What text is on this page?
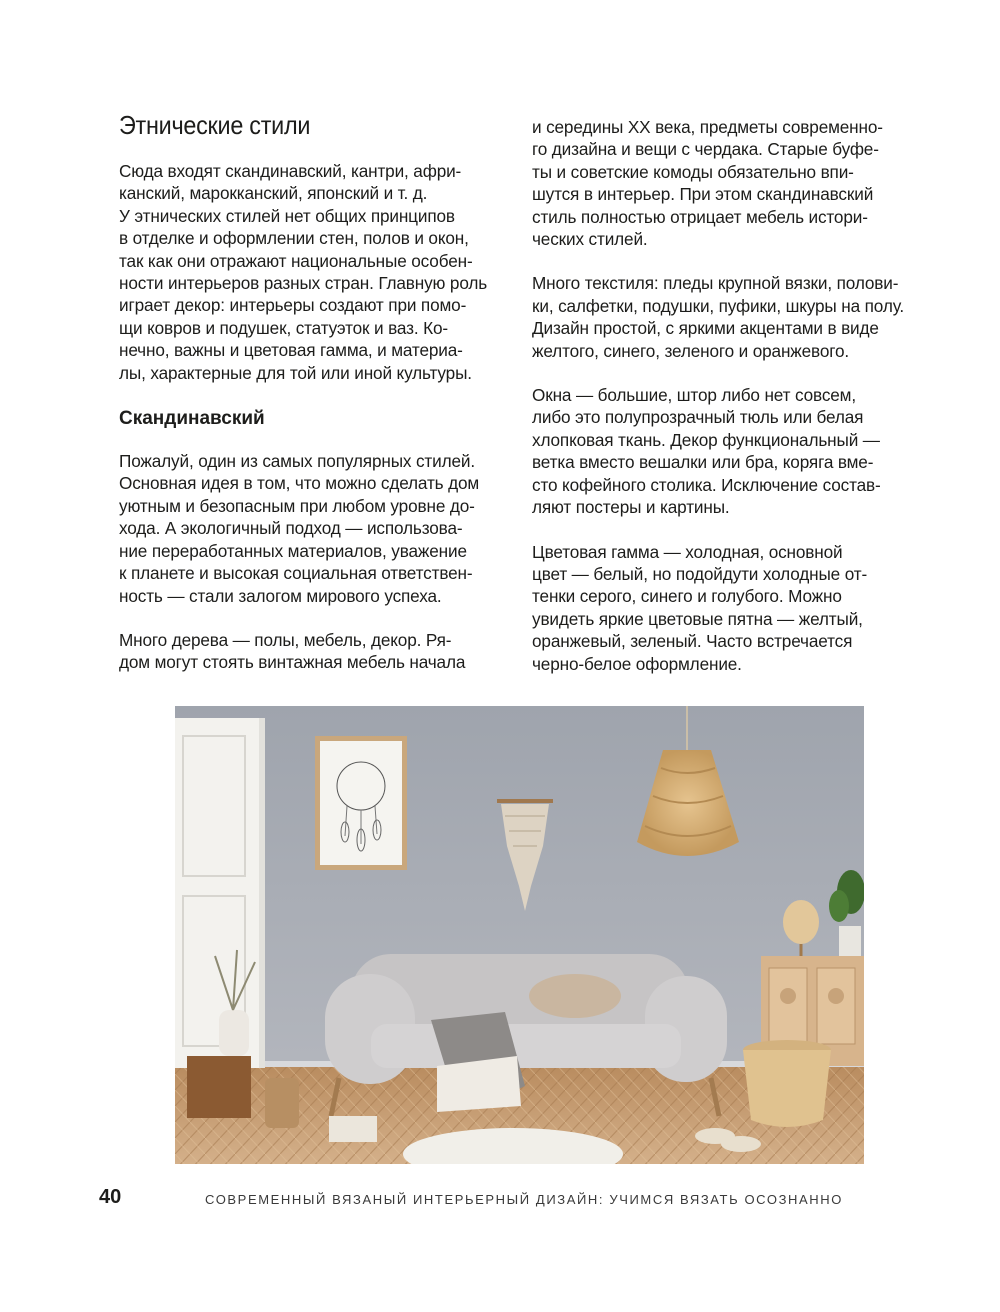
Этнические стили

Сюда входят скандинавский, кантри, афри-
канский, марокканский, японский и т. д.
У этнических стилей нет общих принципов
в отделке и оформлении стен, полов и окон,
так как они отражают национальные особен-
ности интерьеров разных стран. Главную роль
играет декор: интерьеры создают при помо-
щи ковров и подушек, статуэток и ваз. Ко-
нечно, важны и цветовая гамма, и материа-
лы, характерные для той или иной культуры.

Скандинавский

Пожалуй, один из самых популярных стилей.
Основная идея в том, что можно сделать дом
уютным и безопасным при любом уровне до-
хода. А экологичный подход — использова-
ние переработанных материалов, уважение
к планете и высокая социальная ответствен-
ность — стали залогом мирового успеха.

Много дерева — полы, мебель, декор. Ря-
дом могут стоять винтажная мебель начала

и середины XX века, предметы современно-
го дизайна и вещи с чердака. Старые буфе-
ты и советские комоды обязательно впи-
шутся в интерьер. При этом скандинавский
стиль полностью отрицает мебель истори-
ческих стилей.

Много текстиля: пледы крупной вязки, полови-
ки, салфетки, подушки, пуфики, шкуры на полу.
Дизайн простой, с яркими акцентами в виде
желтого, синего, зеленого и оранжевого.

Окна — большие, штор либо нет совсем,
либо это полупрозрачный тюль или белая
хлопковая ткань. Декор функциональный —
ветка вместо вешалки или бра, коряга вме-
сто кофейного столика. Исключение состав-
ляют постеры и картины.

Цветовая гамма — холодная, основной
цвет — белый, но подойдути холодные от-
тенки серого, синего и голубого. Можно
увидеть яркие цветовые пятна — желтый,
оранжевый, зеленый. Часто встречается
черно-белое оформление.

40	СОВРЕМЕННЫЙ ВЯЗАНЫЙ ИНТЕРЬЕРНЫЙ ДИЗАЙН: УЧИМСЯ ВЯЗАТЬ ОСОЗНАННО
